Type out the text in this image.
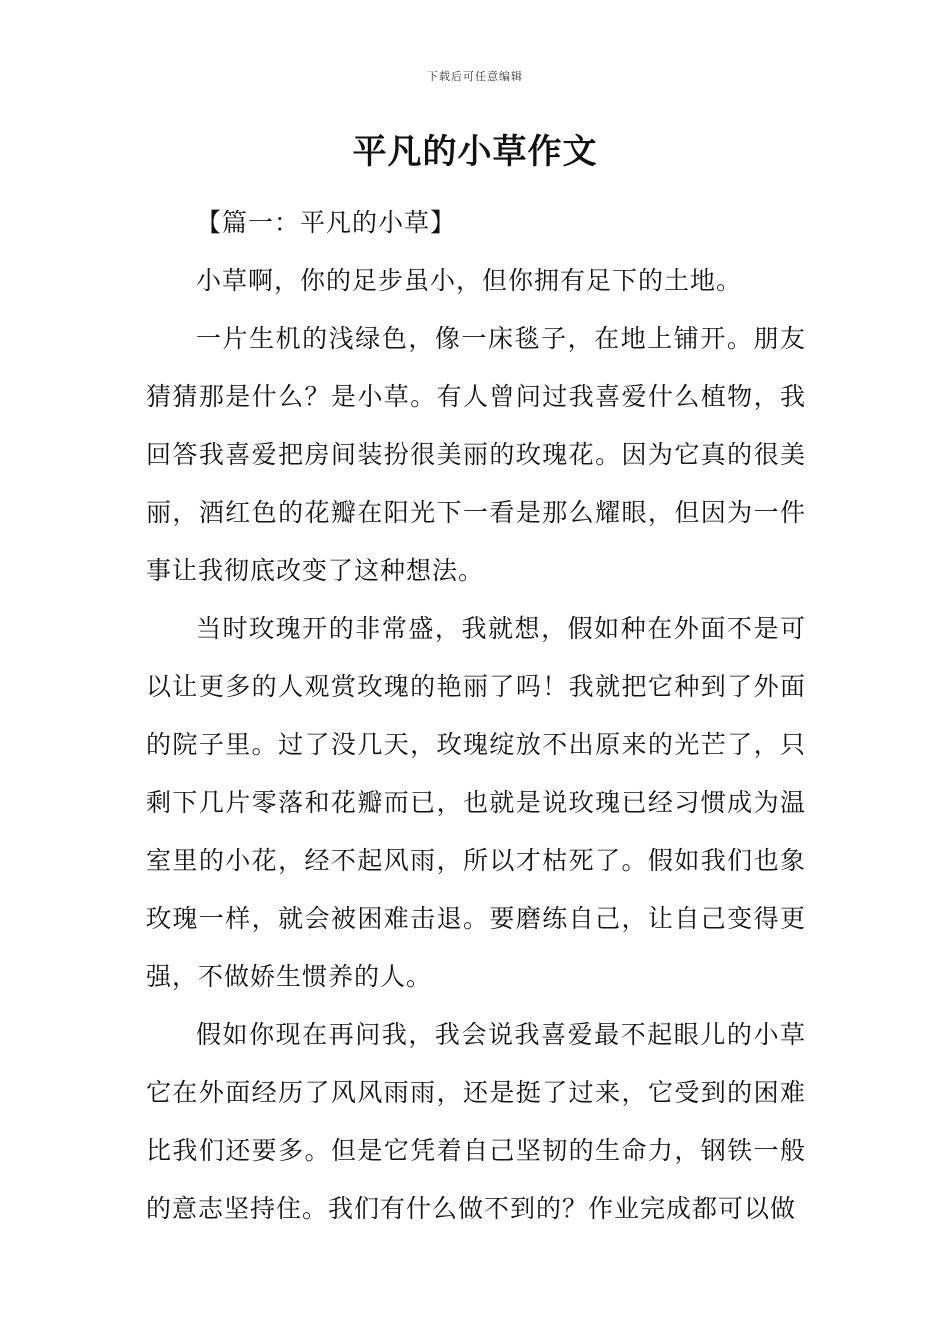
下载后可任意编辑
平凡的小草作文

【篇一：平凡的小草】

小草啊，你的足步虽小，但你拥有足下的土地。

一片生机的浅绿色，像一床毯子，在地上铺开。朋友猜猜那是什么？是小草。有人曾问过我喜爱什么植物，我回答我喜爱把房间装扮很美丽的玫瑰花。因为它真的很美丽，酒红色的花瓣在阳光下一看是那么耀眼，但因为一件事让我彻底改变了这种想法。

当时玫瑰开的非常盛，我就想，假如种在外面不是可以让更多的人观赏玫瑰的艳丽了吗！我就把它种到了外面的院子里。过了没几天，玫瑰绽放不出原来的光芒了，只剩下几片零落和花瓣而已，也就是说玫瑰已经习惯成为温室里的小花，经不起风雨，所以才枯死了。假如我们也象玫瑰一样，就会被困难击退。要磨练自己，让自己变得更强，不做娇生惯养的人。

假如你现在再问我，我会说我喜爱最不起眼儿的小草它在外面经历了风风雨雨，还是挺了过来，它受到的困难比我们还要多。但是它凭着自己坚韧的生命力，钢铁一般的意志坚持住。我们有什么做不到的？作业完成都可以做
